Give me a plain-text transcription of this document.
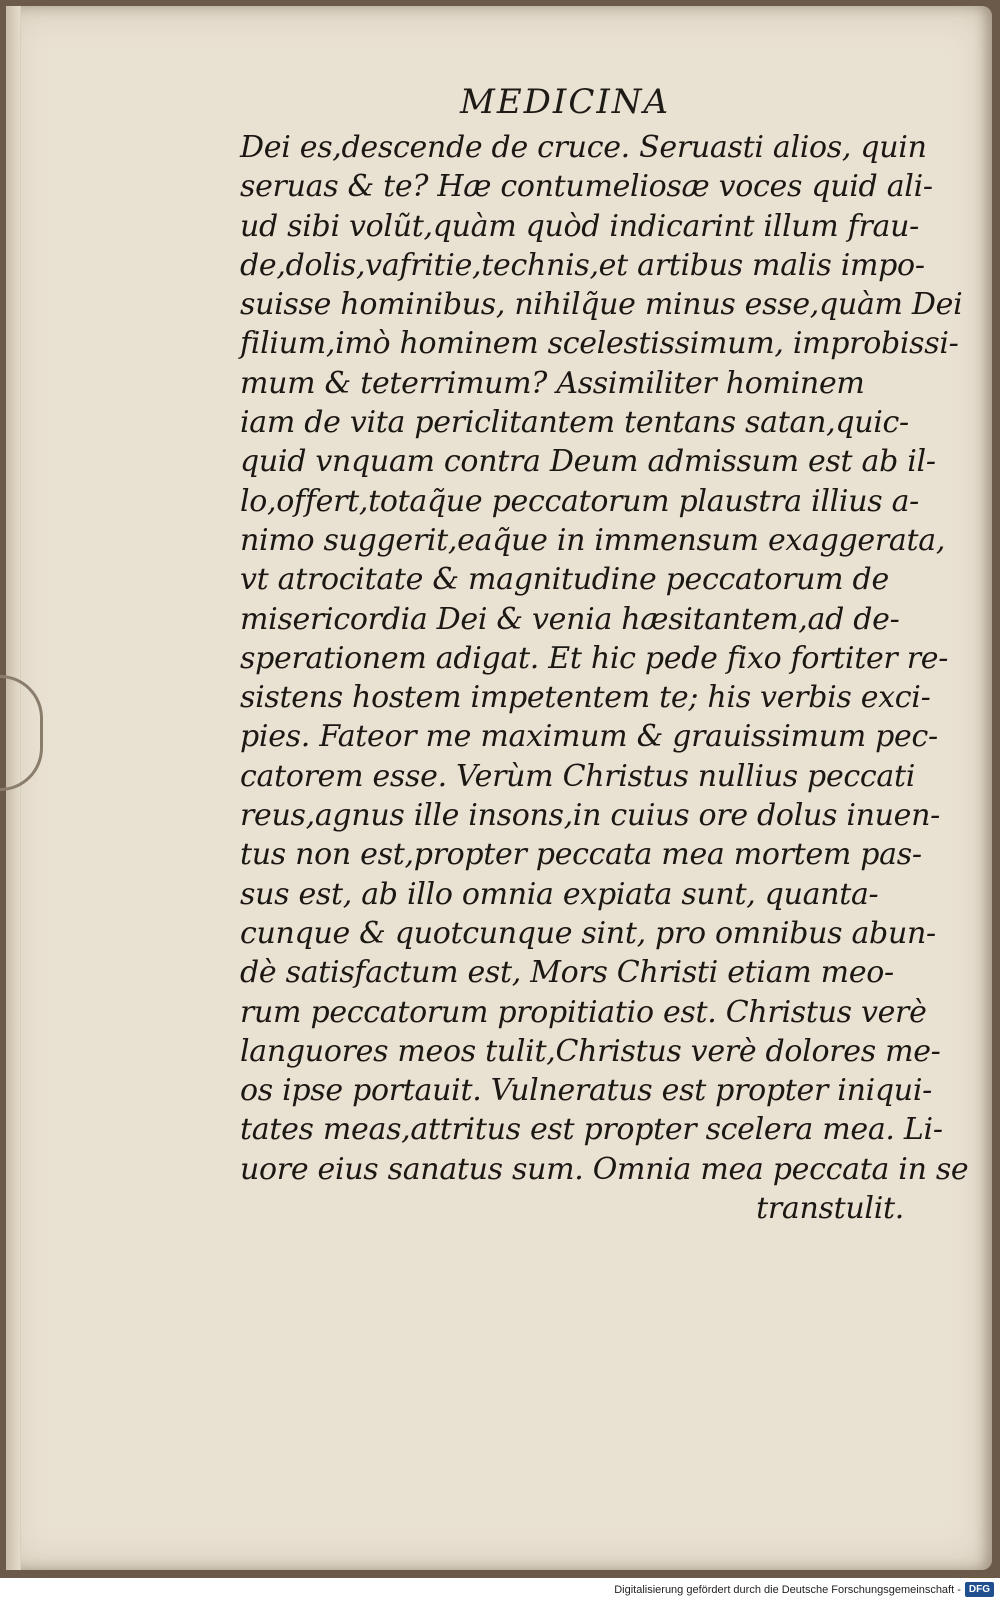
MEDICINA
Dei es,descende de cruce. Seruasti alios, quin
seruas & te? Hæ contumeliosæ voces quid ali-
ud sibi volũt,quàm quòd indicarint illum frau-
de,dolis,vafritie,technis,et artibus malis impo-
suisse hominibus, nihilq̃ue minus esse,quàm Dei
filium,imò hominem scelestissimum, improbissi-
mum & teterrimum? Assimiliter hominem
iam de vita periclitantem tentans satan,quic-
quid vnquam contra Deum admissum est ab il-
lo,offert,totaq̃ue peccatorum plaustra illius a-
nimo suggerit,eaq̃ue in immensum exaggerata,
vt atrocitate & magnitudine peccatorum de
misericordia Dei & venia hæsitantem,ad de-
sperationem adigat. Et hic pede fixo fortiter re-
sistens hostem impetentem te; his verbis exci-
pies. Fateor me maximum & grauissimum pec-
catorem esse. Verùm Christus nullius peccati
reus,agnus ille insons,in cuius ore dolus inuen-
tus non est,propter peccata mea mortem pas-
sus est, ab illo omnia expiata sunt, quanta-
cunque & quotcunque sint, pro omnibus abun-
dè satisfactum est, Mors Christi etiam meo-
rum peccatorum propitiatio est. Christus verè
languores meos tulit,Christus verè dolores me-
os ipse portauit. Vulneratus est propter iniqui-
tates meas,attritus est propter scelera mea. Li-
uore eius sanatus sum. Omnia mea peccata in se
transtulit.
Digitalisierung gefördert durch die Deutsche Forschungsgemeinschaft - DFG
